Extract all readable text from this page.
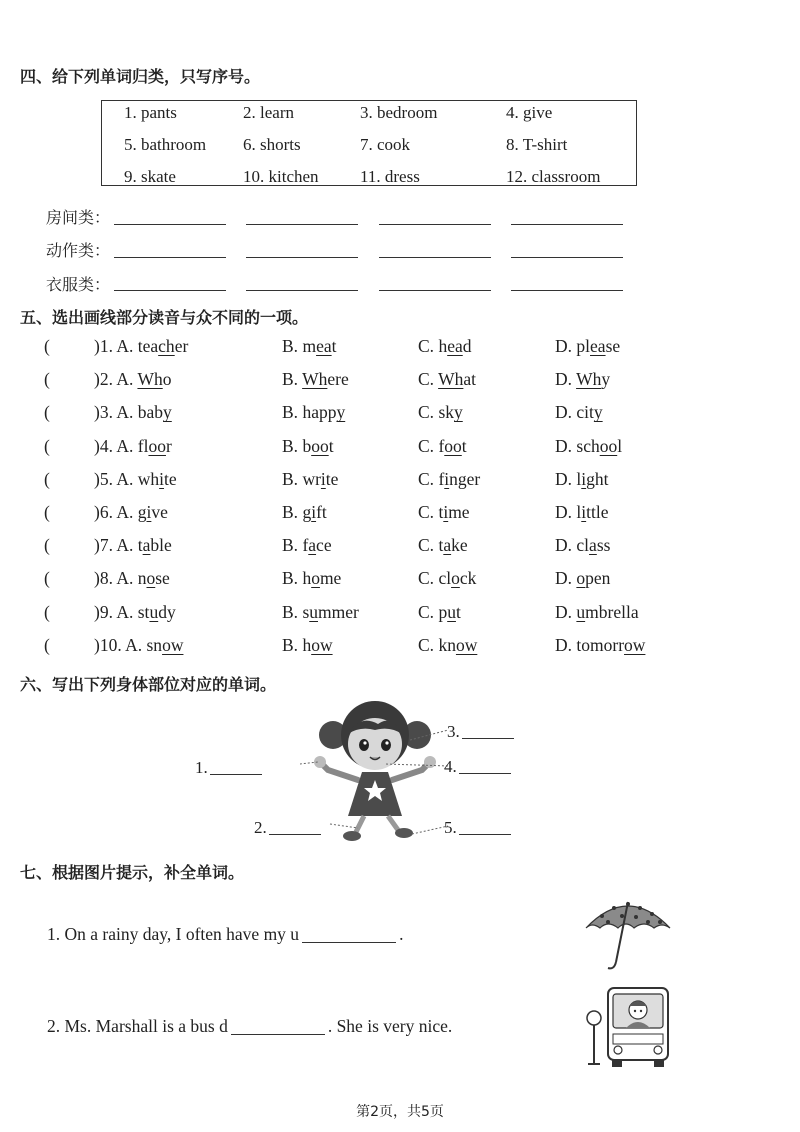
四、给下列单词归类，只写序号。
1. pants	2. learn	3. bedroom	4. give
5. bathroom 6. shorts	7. cook	8. T-shirt
9. skate	10. kitchen 11. dress	12. classroom
房间类：
动作类：
衣服类：
五、选出画线部分读音与众不同的一项。
(	)1. A. teacher	B. meat	C. head	D. please
(	)2. A. Who	B. Where	C. What	D. Why
(	)3. A. baby	B. happy	C. sky	D. city
(	)4. A. floor	B. boot	C. foot	D. school
(	)5. A. white	B. write	C. finger	D. light
(	)6. A. give	B. gift	C. time	D. little
(	)7. A. table	B. face	C. take	D. class
(	)8. A. nose	B. home	C. clock	D. open
(	)9. A. study	B. summer	C. put	D. umbrella
(	)10. A. snow	B. how	C. know	D. tomorrow
六、写出下列身体部位对应的单词。
1.
2.
3.
4.
5.
七、根据图片提示，补全单词。
1. On a rainy day, I often have my u	.
2. Ms. Marshall is a bus d	. She is very nice.
第2页，共5页
